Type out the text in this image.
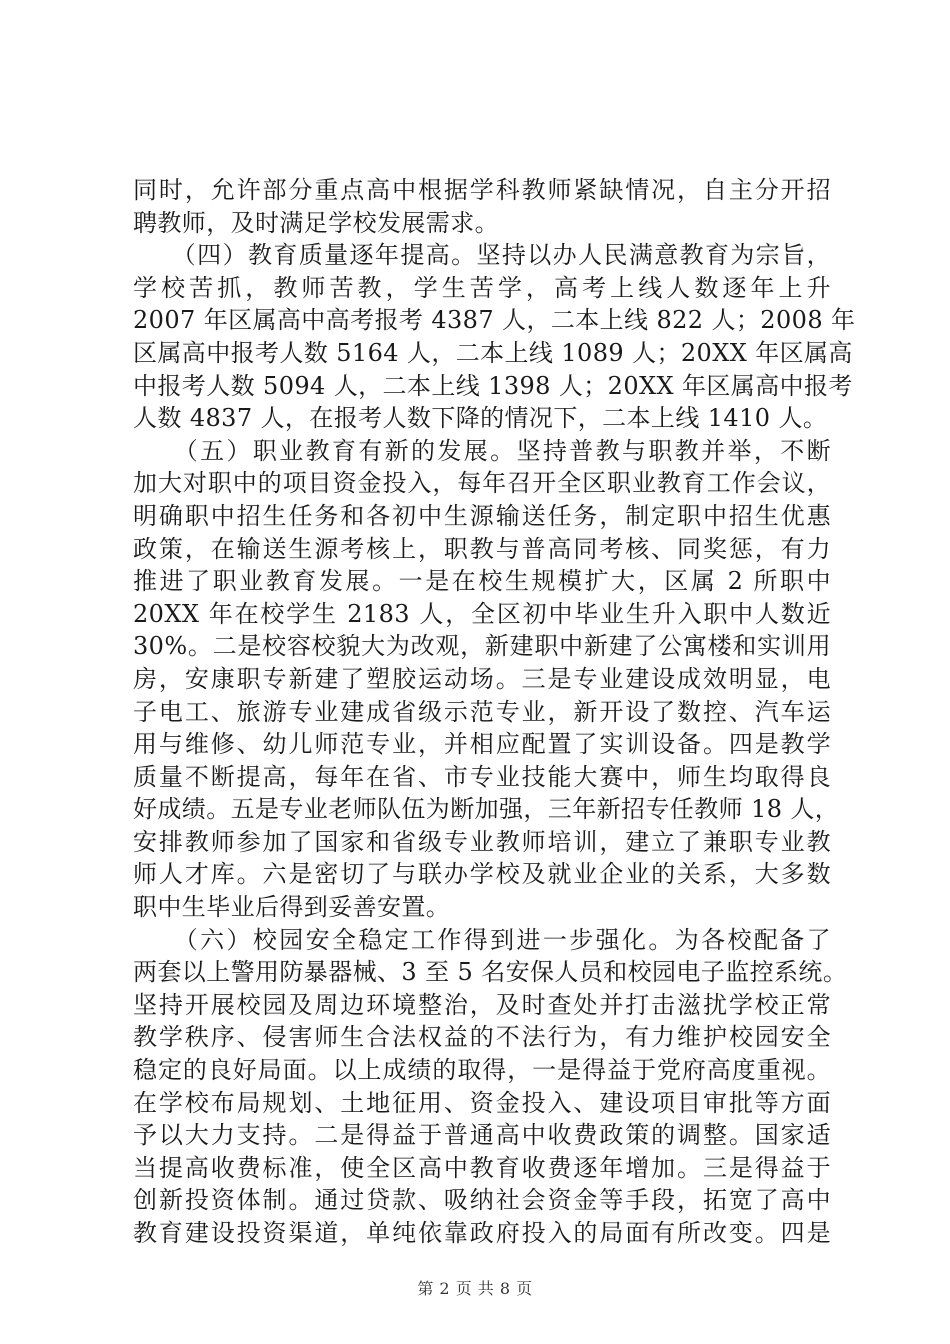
同时，允许部分重点高中根据学科教师紧缺情况，自主分开招
聘教师，及时满足学校发展需求。
　　（四）教育质量逐年提高。坚持以办人民满意教育为宗旨，
学校苦抓，教师苦教，学生苦学，高考上线人数逐年上升
2007 年区属高中高考报考 4387 人，二本上线 822 人；2008 年
区属高中报考人数 5164 人，二本上线 1089 人；20XX 年区属高
中报考人数 5094 人，二本上线 1398 人；20XX 年区属高中报考
人数 4837 人，在报考人数下降的情况下，二本上线 1410 人。
　　（五）职业教育有新的发展。坚持普教与职教并举，不断
加大对职中的项目资金投入，每年召开全区职业教育工作会议，
明确职中招生任务和各初中生源输送任务，制定职中招生优惠
政策，在输送生源考核上，职教与普高同考核、同奖惩，有力
推进了职业教育发展。一是在校生规模扩大，区属 2 所职中
20XX 年在校学生 2183 人，全区初中毕业生升入职中人数近
30%。二是校容校貌大为改观，新建职中新建了公寓楼和实训用
房，安康职专新建了塑胶运动场。三是专业建设成效明显，电
子电工、旅游专业建成省级示范专业，新开设了数控、汽车运
用与维修、幼儿师范专业，并相应配置了实训设备。四是教学
质量不断提高，每年在省、市专业技能大赛中，师生均取得良
好成绩。五是专业老师队伍为断加强，三年新招专任教师 18 人，
安排教师参加了国家和省级专业教师培训，建立了兼职专业教
师人才库。六是密切了与联办学校及就业企业的关系，大多数
职中生毕业后得到妥善安置。
　　（六）校园安全稳定工作得到进一步强化。为各校配备了
两套以上警用防暴器械、3 至 5 名安保人员和校园电子监控系统。
坚持开展校园及周边环境整治，及时查处并打击滋扰学校正常
教学秩序、侵害师生合法权益的不法行为，有力维护校园安全
稳定的良好局面。以上成绩的取得，一是得益于党府高度重视。
在学校布局规划、土地征用、资金投入、建设项目审批等方面
予以大力支持。二是得益于普通高中收费政策的调整。国家适
当提高收费标准，使全区高中教育收费逐年增加。三是得益于
创新投资体制。通过贷款、吸纳社会资金等手段，拓宽了高中
教育建设投资渠道，单纯依靠政府投入的局面有所改变。四是
第 2 页 共 8 页
